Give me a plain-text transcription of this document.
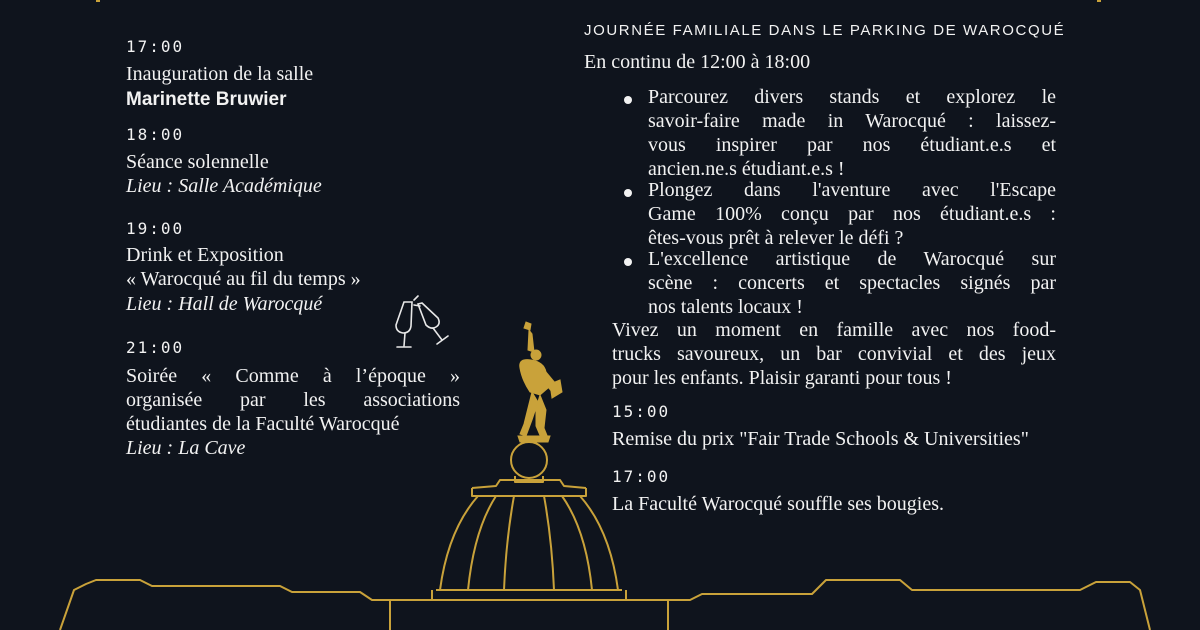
17:00
Inauguration de la salle
Marinette Bruwier
18:00
Séance solennelle
Lieu : Salle Académique
19:00
Drink et Exposition
« Warocqué au fil du temps »
Lieu : Hall de Warocqué
21:00
Soirée « Comme à l’époque »
organisée par les associations
étudiantes de la Faculté Warocqué
Lieu : La Cave
JOURNÉE FAMILIALE DANS LE PARKING DE WAROCQUÉ
En continu de 12:00 à 18:00
Parcourez divers stands et explorez le
savoir-faire made in Warocqué : laissez-
vous inspirer par nos étudiant.e.s et
ancien.ne.s étudiant.e.s !
Plongez dans l'aventure avec l'Escape
Game 100% conçu par nos étudiant.e.s :
êtes-vous prêt à relever le défi ?
L'excellence artistique de Warocqué sur
scène : concerts et spectacles signés par
nos talents locaux !
Vivez un moment en famille avec nos food-
trucks savoureux, un bar convivial et des jeux
pour les enfants. Plaisir garanti pour tous !
15:00
Remise du prix "Fair Trade Schools & Universities"
17:00
La Faculté Warocqué souffle ses bougies.
